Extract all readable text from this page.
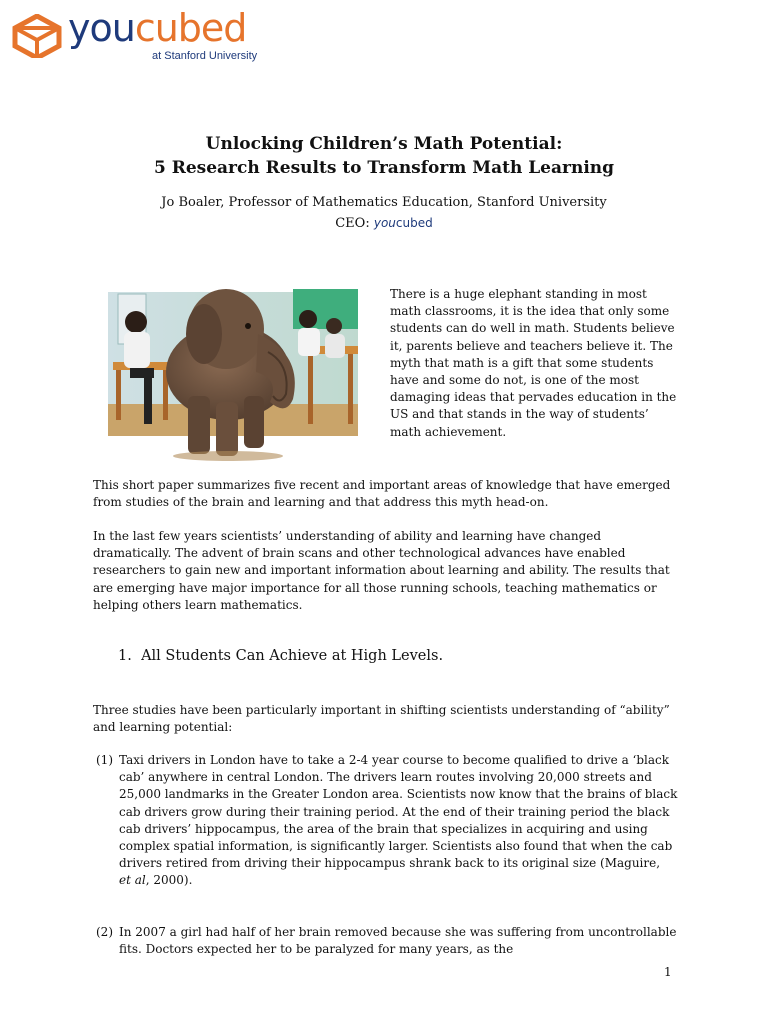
youcubed
at Stanford University
Unlocking Children’s Math Potential:
5 Research Results to Transform Math Learning
Jo Boaler, Professor of Mathematics Education, Stanford University
CEO: youcubed
There is a huge elephant standing in most math classrooms, it is the idea that only some students can do well in math. Students believe it, parents believe and teachers believe it. The myth that math is a gift that some students have and some do not, is one of the most damaging ideas that pervades education in the US and that stands in the way of students’ math achievement.
This short paper summarizes five recent and important areas of knowledge that have emerged from studies of the brain and learning and that address this myth head-on.
In the last few years scientists’ understanding of ability and learning have changed dramatically. The advent of brain scans and other technological advances have enabled researchers to gain new and important information about learning and ability. The results that are emerging have major importance for all those running schools, teaching mathematics or helping others learn mathematics.
1. All Students Can Achieve at High Levels.
Three studies have been particularly important in shifting scientists understanding of “ability” and learning potential:
(1) Taxi drivers in London have to take a 2-4 year course to become qualified to drive a ‘black cab’ anywhere in central London. The drivers learn routes involving 20,000 streets and 25,000 landmarks in the Greater London area. Scientists now know that the brains of black cab drivers grow during their training period. At the end of their training period the black cab drivers’ hippocampus, the area of the brain that specializes in acquiring and using complex spatial information, is significantly larger. Scientists also found that when the cab drivers retired from driving their hippocampus shrank back to its original size (Maguire,  et al, 2000).
(2) In 2007 a girl had half of her brain removed because she was suffering from uncontrollable fits. Doctors expected her to be paralyzed for many years, as the
1
